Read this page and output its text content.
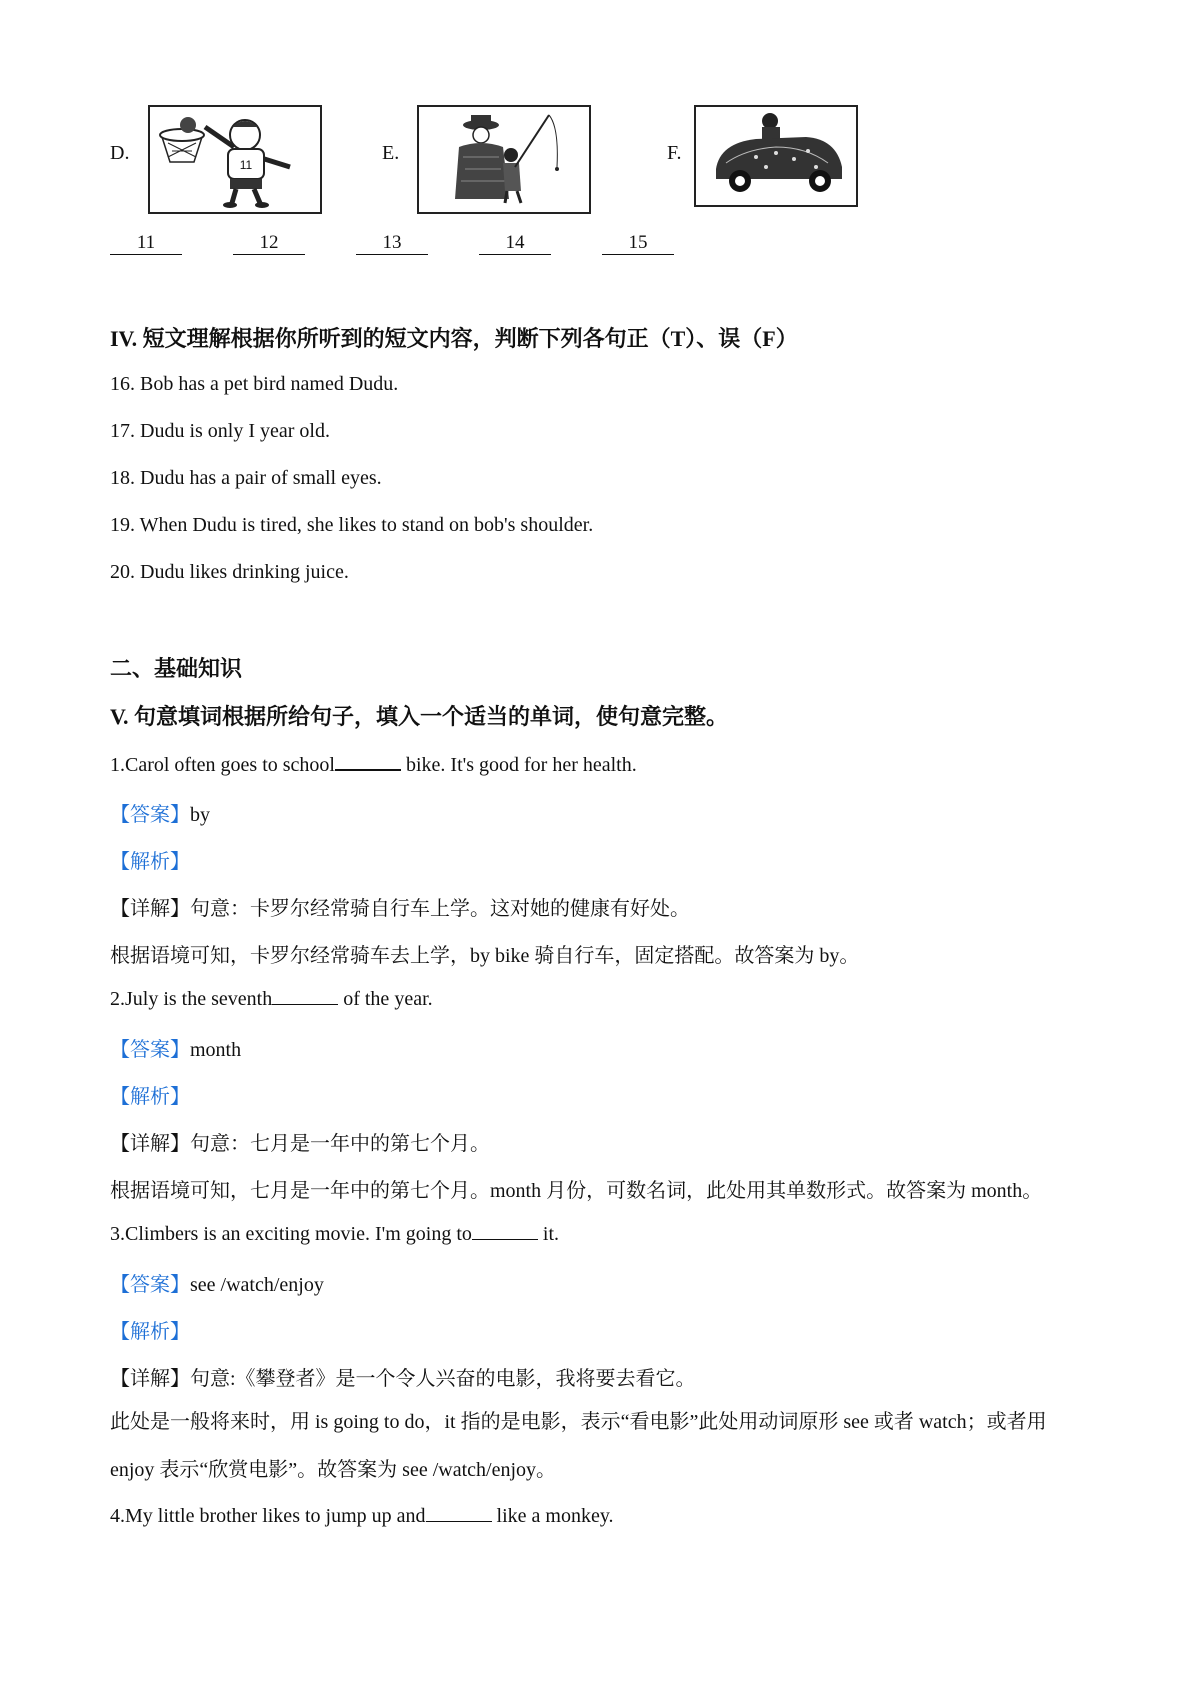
D.
11
E.	F.
11	12	13	14	15
IV. 短文理解根据你所听到的短文内容，判断下列各句正（T）、误（F）
16. Bob has a pet bird named Dudu.
17. Dudu is only I year old.
18. Dudu has a pair of small eyes.
19. When Dudu is tired, she likes to stand on bob's shoulder.
20. Dudu likes drinking juice.
二、基础知识
V. 句意填词根据所给句子，填入一个适当的单词，使句意完整。
1.Carol often goes to school	bike. It's good for her health.
【答案】by
【解析】
【详解】句意：卡罗尔经常骑自行车上学。这对她的健康有好处。
根据语境可知，卡罗尔经常骑车去上学，by bike 骑自行车，固定搭配。故答案为 by。
2.July is the seventh	of the year.
【答案】month
【解析】
【详解】句意：七月是一年中的第七个月。
根据语境可知，七月是一年中的第七个月。month 月份，可数名词，此处用其单数形式。故答案为 month。
3.Climbers is an exciting movie. I'm going to	it.
【答案】see /watch/enjoy
【解析】
【详解】句意:《攀登者》是一个令人兴奋的电影，我将要去看它。
此处是一般将来时，用 is going to do，it 指的是电影，表示“看电影”此处用动词原形 see 或者 watch；或者用 enjoy 表示“欣赏电影”。故答案为 see /watch/enjoy。
4.My little brother likes to jump up and	like a monkey.
